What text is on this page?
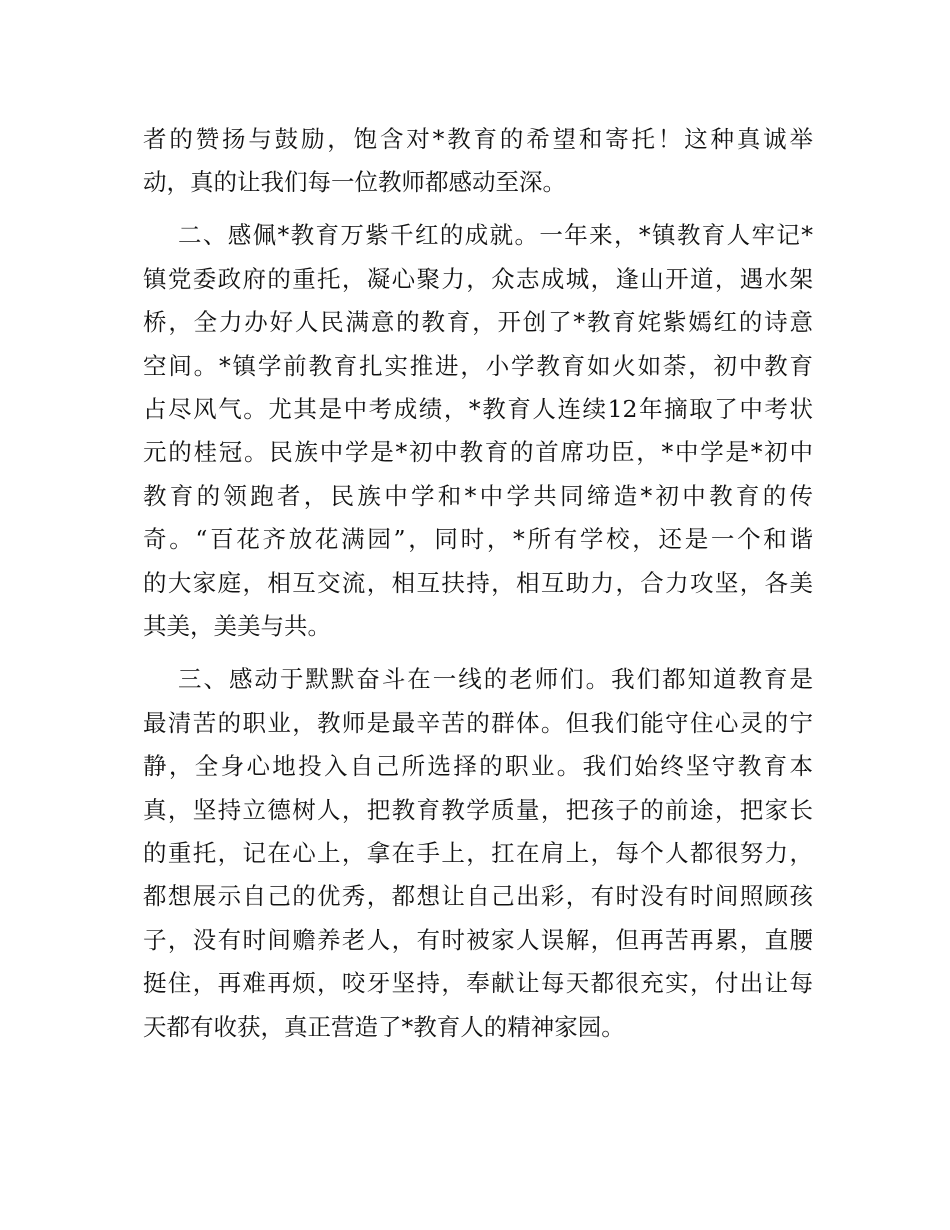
者的赞扬与鼓励，饱含对*教育的希望和寄托！这种真诚举
动，真的让我们每一位教师都感动至深。
二、感佩*教育万紫千红的成就。一年来，*镇教育人牢记*
镇党委政府的重托，凝心聚力，众志成城，逢山开道，遇水架
桥，全力办好人民满意的教育，开创了*教育姹紫嫣红的诗意
空间。*镇学前教育扎实推进，小学教育如火如荼，初中教育
占尽风气。尤其是中考成绩，*教育人连续12年摘取了中考状
元的桂冠。民族中学是*初中教育的首席功臣，*中学是*初中
教育的领跑者，民族中学和*中学共同缔造*初中教育的传
奇。“百花齐放花满园”，同时，*所有学校，还是一个和谐
的大家庭，相互交流，相互扶持，相互助力，合力攻坚，各美
其美，美美与共。
三、感动于默默奋斗在一线的老师们。我们都知道教育是
最清苦的职业，教师是最辛苦的群体。但我们能守住心灵的宁
静，全身心地投入自己所选择的职业。我们始终坚守教育本
真，坚持立德树人，把教育教学质量，把孩子的前途，把家长
的重托，记在心上，拿在手上，扛在肩上，每个人都很努力，
都想展示自己的优秀，都想让自己出彩，有时没有时间照顾孩
子，没有时间赡养老人，有时被家人误解，但再苦再累，直腰
挺住，再难再烦，咬牙坚持，奉献让每天都很充实，付出让每
天都有收获，真正营造了*教育人的精神家园。
